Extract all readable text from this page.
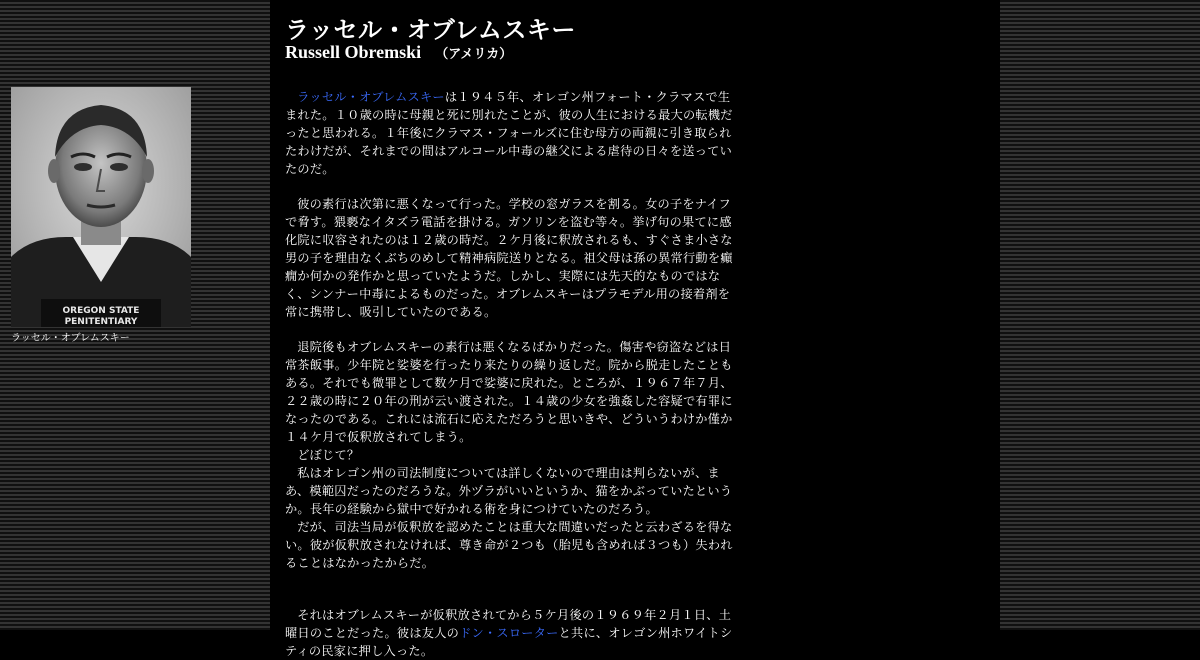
OREGON STATE
PENITENTIARY
ラッセル・オブレムスキー
ラッセル・オブレムスキー
Russell Obremski （アメリカ）

ラッセル・オブレムスキーは１９４５年、オレゴン州フォート・クラマスで生まれた。１０歳の時に母親と死に別れたことが、彼の人生における最大の転機だったと思われる。１年後にクラマス・フォールズに住む母方の両親に引き取られたわけだが、それまでの間はアルコール中毒の継父による虐待の日々を送っていたのだ。

彼の素行は次第に悪くなって行った。学校の窓ガラスを割る。女の子をナイフで脅す。猥褻なイタズラ電話を掛ける。ガソリンを盗む等々。挙げ句の果てに感化院に収容されたのは１２歳の時だ。２ケ月後に釈放されるも、すぐさま小さな男の子を理由なくぶちのめして精神病院送りとなる。祖父母は孫の異常行動を癲癇か何かの発作かと思っていたようだ。しかし、実際には先天的なものではなく、シンナー中毒によるものだった。オブレムスキーはプラモデル用の接着剤を常に携帯し、吸引していたのである。

退院後もオブレムスキーの素行は悪くなるばかりだった。傷害や窃盗などは日常茶飯事。少年院と娑婆を行ったり来たりの繰り返しだ。院から脱走したこともある。それでも微罪として数ケ月で娑婆に戻れた。ところが、１９６７年７月、２２歳の時に２０年の刑が云い渡された。１４歳の少女を強姦した容疑で有罪になったのである。これには流石に応えただろうと思いきや、どういうわけか僅か１４ケ月で仮釈放されてしまう。

どぼじて？

私はオレゴン州の司法制度については詳しくないので理由は判らないが、まあ、模範囚だったのだろうな。外ヅラがいいというか、猫をかぶっていたというか。長年の経験から獄中で好かれる術を身につけていたのだろう。

だが、司法当局が仮釈放を認めたことは重大な間違いだったと云わざるを得ない。彼が仮釈放されなければ、尊き命が２つも（胎児も含めれば３つも）失われることはなかったからだ。

それはオブレムスキーが仮釈放されてから５ケ月後の１９６９年２月１日、土曜日のことだった。彼は友人のドン・スローターと共に、オレゴン州ホワイトシティの民家に押し入った。
